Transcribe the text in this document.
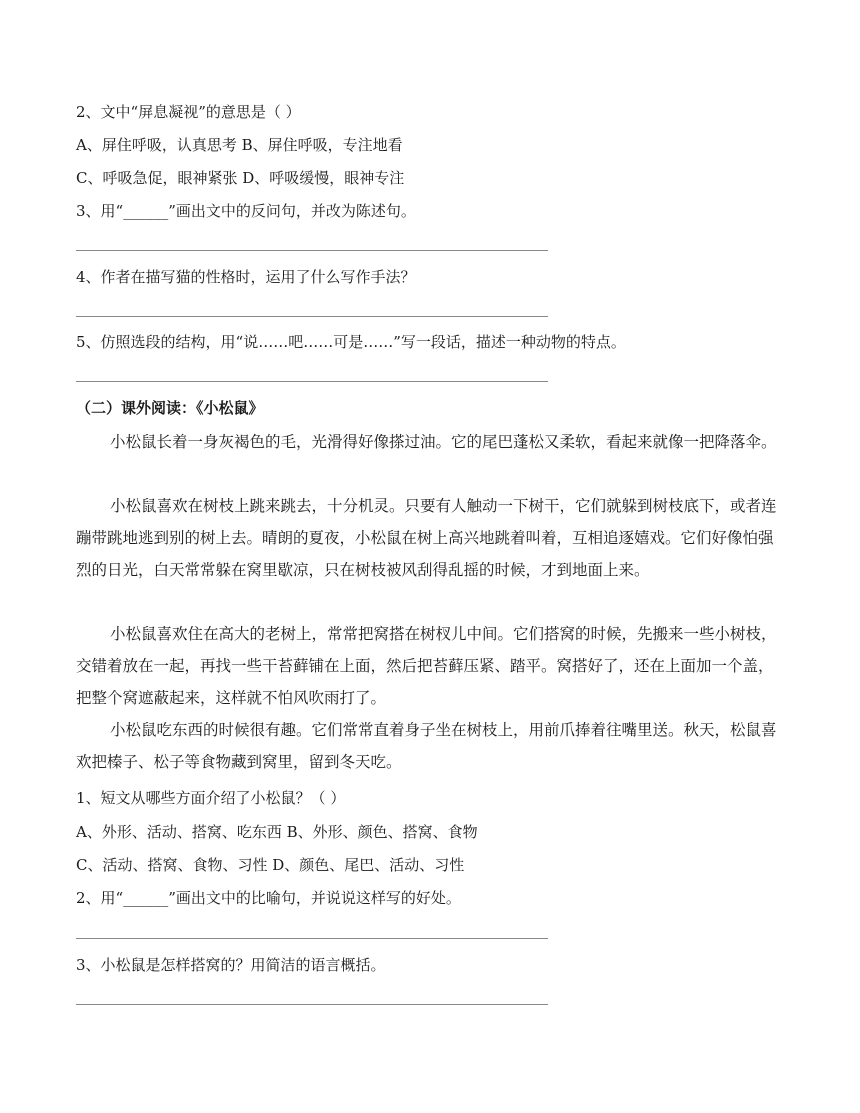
2、文中“屏息凝视”的意思是（ ）
A、屏住呼吸，认真思考 B、屏住呼吸，专注地看
C、呼吸急促，眼神紧张 D、呼吸缓慢，眼神专注
3、用“______”画出文中的反问句，并改为陈述句。
4、作者在描写猫的性格时，运用了什么写作手法？
5、仿照选段的结构，用“说……吧……可是……”写一段话，描述一种动物的特点。
（二）课外阅读：《小松鼠》
小松鼠长着一身灰褐色的毛，光滑得好像搽过油。它的尾巴蓬松又柔软，看起来就像一把降落伞。
小松鼠喜欢在树枝上跳来跳去，十分机灵。只要有人触动一下树干，它们就躲到树枝底下，或者连蹦带跳地逃到别的树上去。晴朗的夏夜，小松鼠在树上高兴地跳着叫着，互相追逐嬉戏。它们好像怕强烈的日光，白天常常躲在窝里歇凉，只在树枝被风刮得乱摇的时候，才到地面上来。
小松鼠喜欢住在高大的老树上，常常把窝搭在树杈儿中间。它们搭窝的时候，先搬来一些小树枝，交错着放在一起，再找一些干苔藓铺在上面，然后把苔藓压紧、踏平。窝搭好了，还在上面加一个盖，把整个窝遮蔽起来，这样就不怕风吹雨打了。
小松鼠吃东西的时候很有趣。它们常常直着身子坐在树枝上，用前爪捧着往嘴里送。秋天，松鼠喜欢把榛子、松子等食物藏到窝里，留到冬天吃。
1、短文从哪些方面介绍了小松鼠？（ ）
A、外形、活动、搭窝、吃东西 B、外形、颜色、搭窝、食物
C、活动、搭窝、食物、习性 D、颜色、尾巴、活动、习性
2、用“______”画出文中的比喻句，并说说这样写的好处。
3、小松鼠是怎样搭窝的？用简洁的语言概括。
